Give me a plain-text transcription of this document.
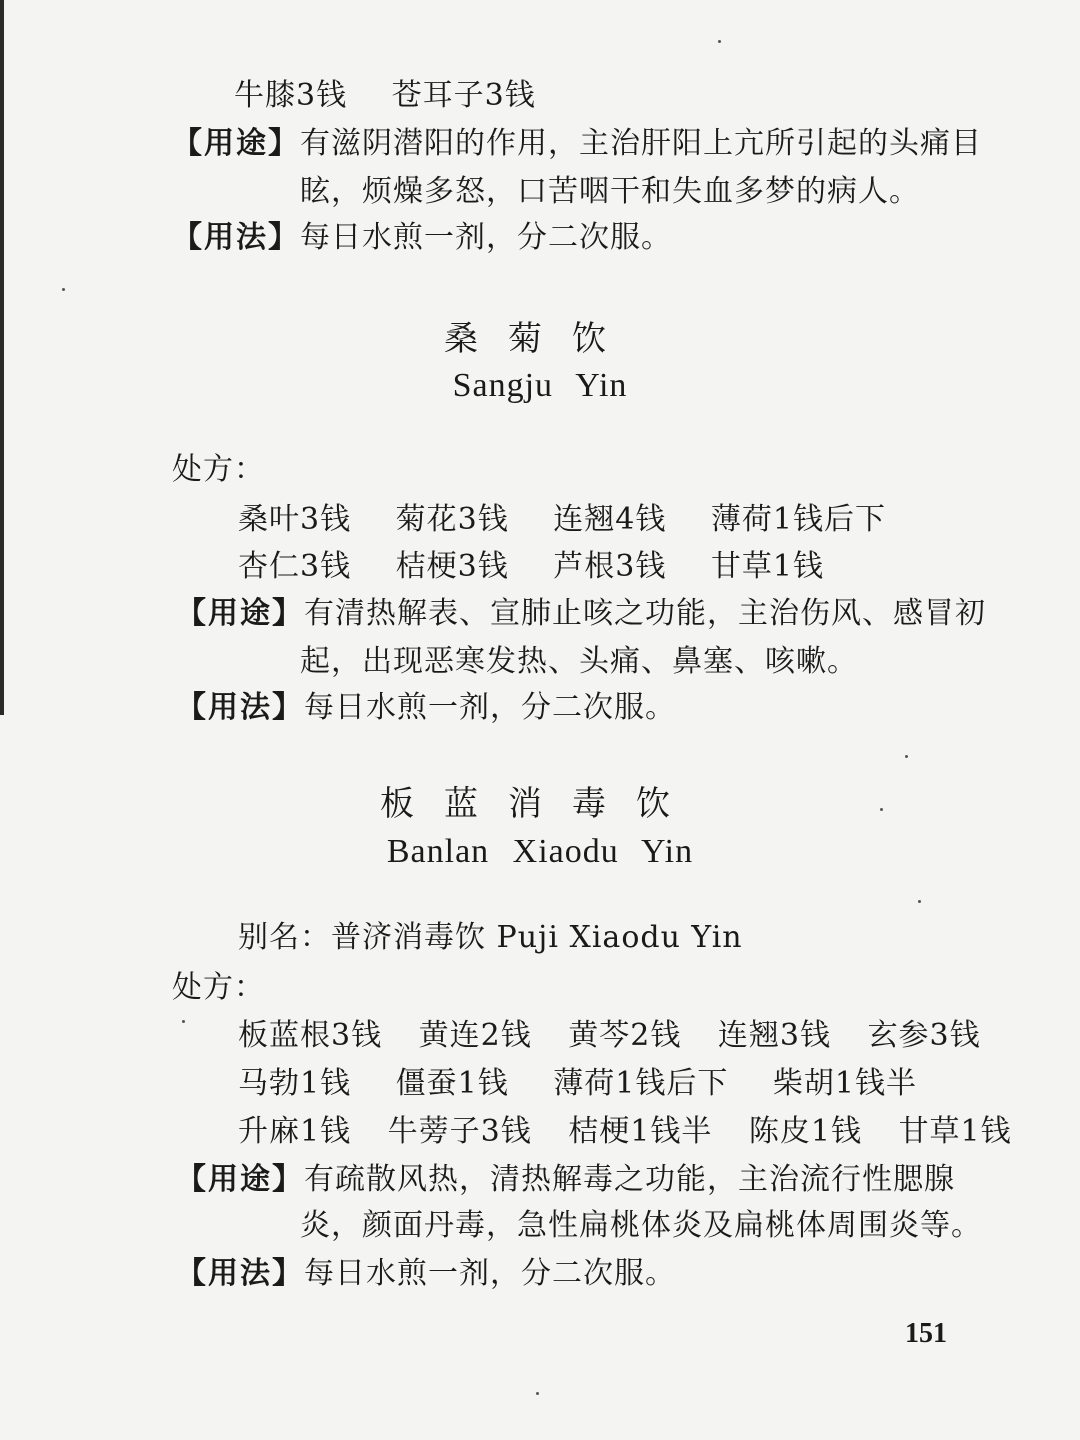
牛膝3钱 苍耳子3钱
【用途】有滋阴潜阳的作用，主治肝阳上亢所引起的头痛目
眩，烦燥多怒，口苦咽干和失血多梦的病人。
【用法】每日水煎一剂，分二次服。
桑菊饮
Sangju Yin
处方：
桑叶3钱 菊花3钱 连翘4钱 薄荷1钱后下
杏仁3钱 桔梗3钱 芦根3钱 甘草1钱
【用途】有清热解表、宣肺止咳之功能，主治伤风、感冒初
起，出现恶寒发热、头痛、鼻塞、咳嗽。
【用法】每日水煎一剂，分二次服。
板蓝消毒饮
Banlan Xiaodu Yin
别名：普济消毒饮 Puji Xiaodu Yin
处方：
板蓝根3钱 黄连2钱 黄芩2钱 连翘3钱 玄参3钱
马勃1钱 僵蚕1钱 薄荷1钱后下 柴胡1钱半
升麻1钱 牛蒡子3钱 桔梗1钱半 陈皮1钱 甘草1钱
【用途】有疏散风热，清热解毒之功能，主治流行性腮腺
炎，颜面丹毒，急性扁桃体炎及扁桃体周围炎等。
【用法】每日水煎一剂，分二次服。
151
